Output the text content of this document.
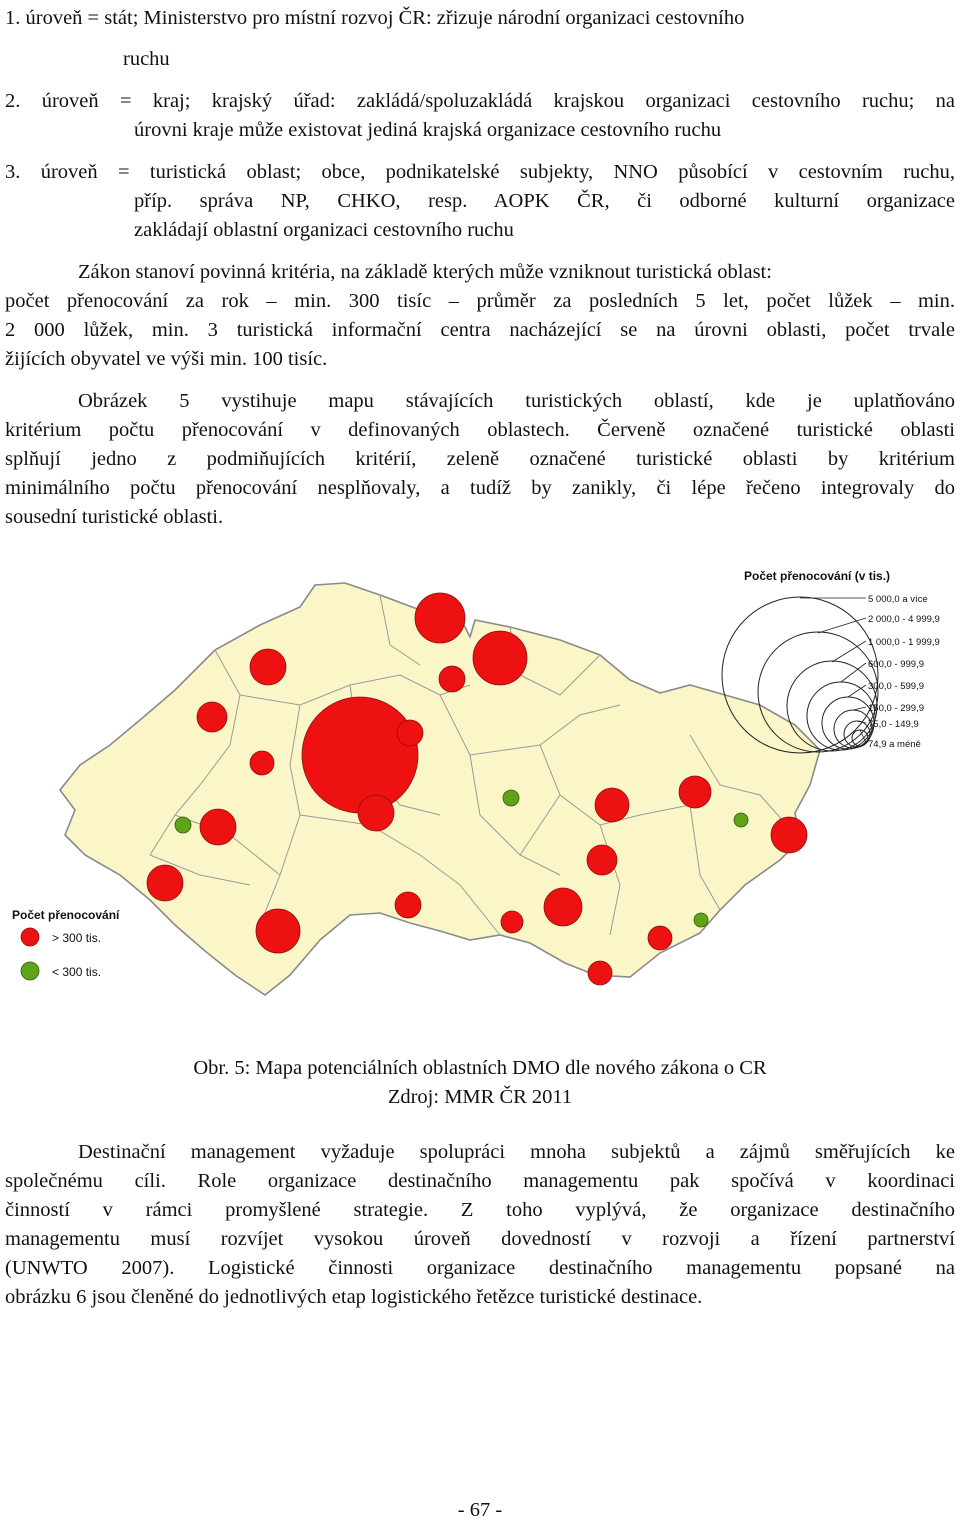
1. úroveň = stát; Ministerstvo pro místní rozvoj ČR: zřizuje národní organizaci cestovního
ruchu
2. úroveň = kraj; krajský úřad: zakládá/spoluzakládá krajskou organizaci cestovního ruchu; na
úrovni kraje může existovat jediná krajská organizace cestovního ruchu
3. úroveň = turistická oblast; obce, podnikatelské subjekty, NNO působící v cestovním ruchu,
příp. správa NP, CHKO, resp. AOPK ČR, či odborné kulturní organizace
zakládají oblastní organizaci cestovního ruchu
Zákon stanoví povinná kritéria, na základě kterých může vzniknout turistická oblast:
počet přenocování za rok – min. 300 tisíc – průměr za posledních 5 let, počet lůžek – min.
2 000 lůžek, min. 3 turistická informační centra nacházející se na úrovni oblasti, počet trvale
žijících obyvatel ve výši min. 100 tisíc.
Obrázek 5 vystihuje mapu stávajících turistických oblastí, kde je uplatňováno
kritérium počtu přenocování v definovaných oblastech. Červeně označené turistické oblasti
splňují jedno z podmiňujících kritérií, zeleně označené turistické oblasti by kritérium
minimálního počtu přenocování nesplňovaly, a tudíž by zanikly, či lépe řečeno integrovaly do
sousední turistické oblasti.
Počet přenocování (v tis.)
5 000,0 a více
2 000,0 - 4 999,9
1 000,0 - 1 999,9
600,0 - 999,9
300,0 - 599,9
150,0 - 299,9
75,0 - 149,9
74,9 a méně
Počet přenocování
> 300 tis.
< 300 tis.
Obr. 5: Mapa potenciálních oblastních DMO dle nového zákona o CR
Zdroj: MMR ČR 2011
Destinační management vyžaduje spolupráci mnoha subjektů a zájmů směřujících ke
společnému cíli. Role organizace destinačního managementu pak spočívá v koordinaci
činností v rámci promyšlené strategie. Z toho vyplývá, že organizace destinačního
managementu musí rozvíjet vysokou úroveň dovedností v rozvoji a řízení partnerství
(UNWTO 2007). Logistické činnosti organizace destinačního managementu popsané na
obrázku 6 jsou členěné do jednotlivých etap logistického řetězce turistické destinace.
- 67 -
